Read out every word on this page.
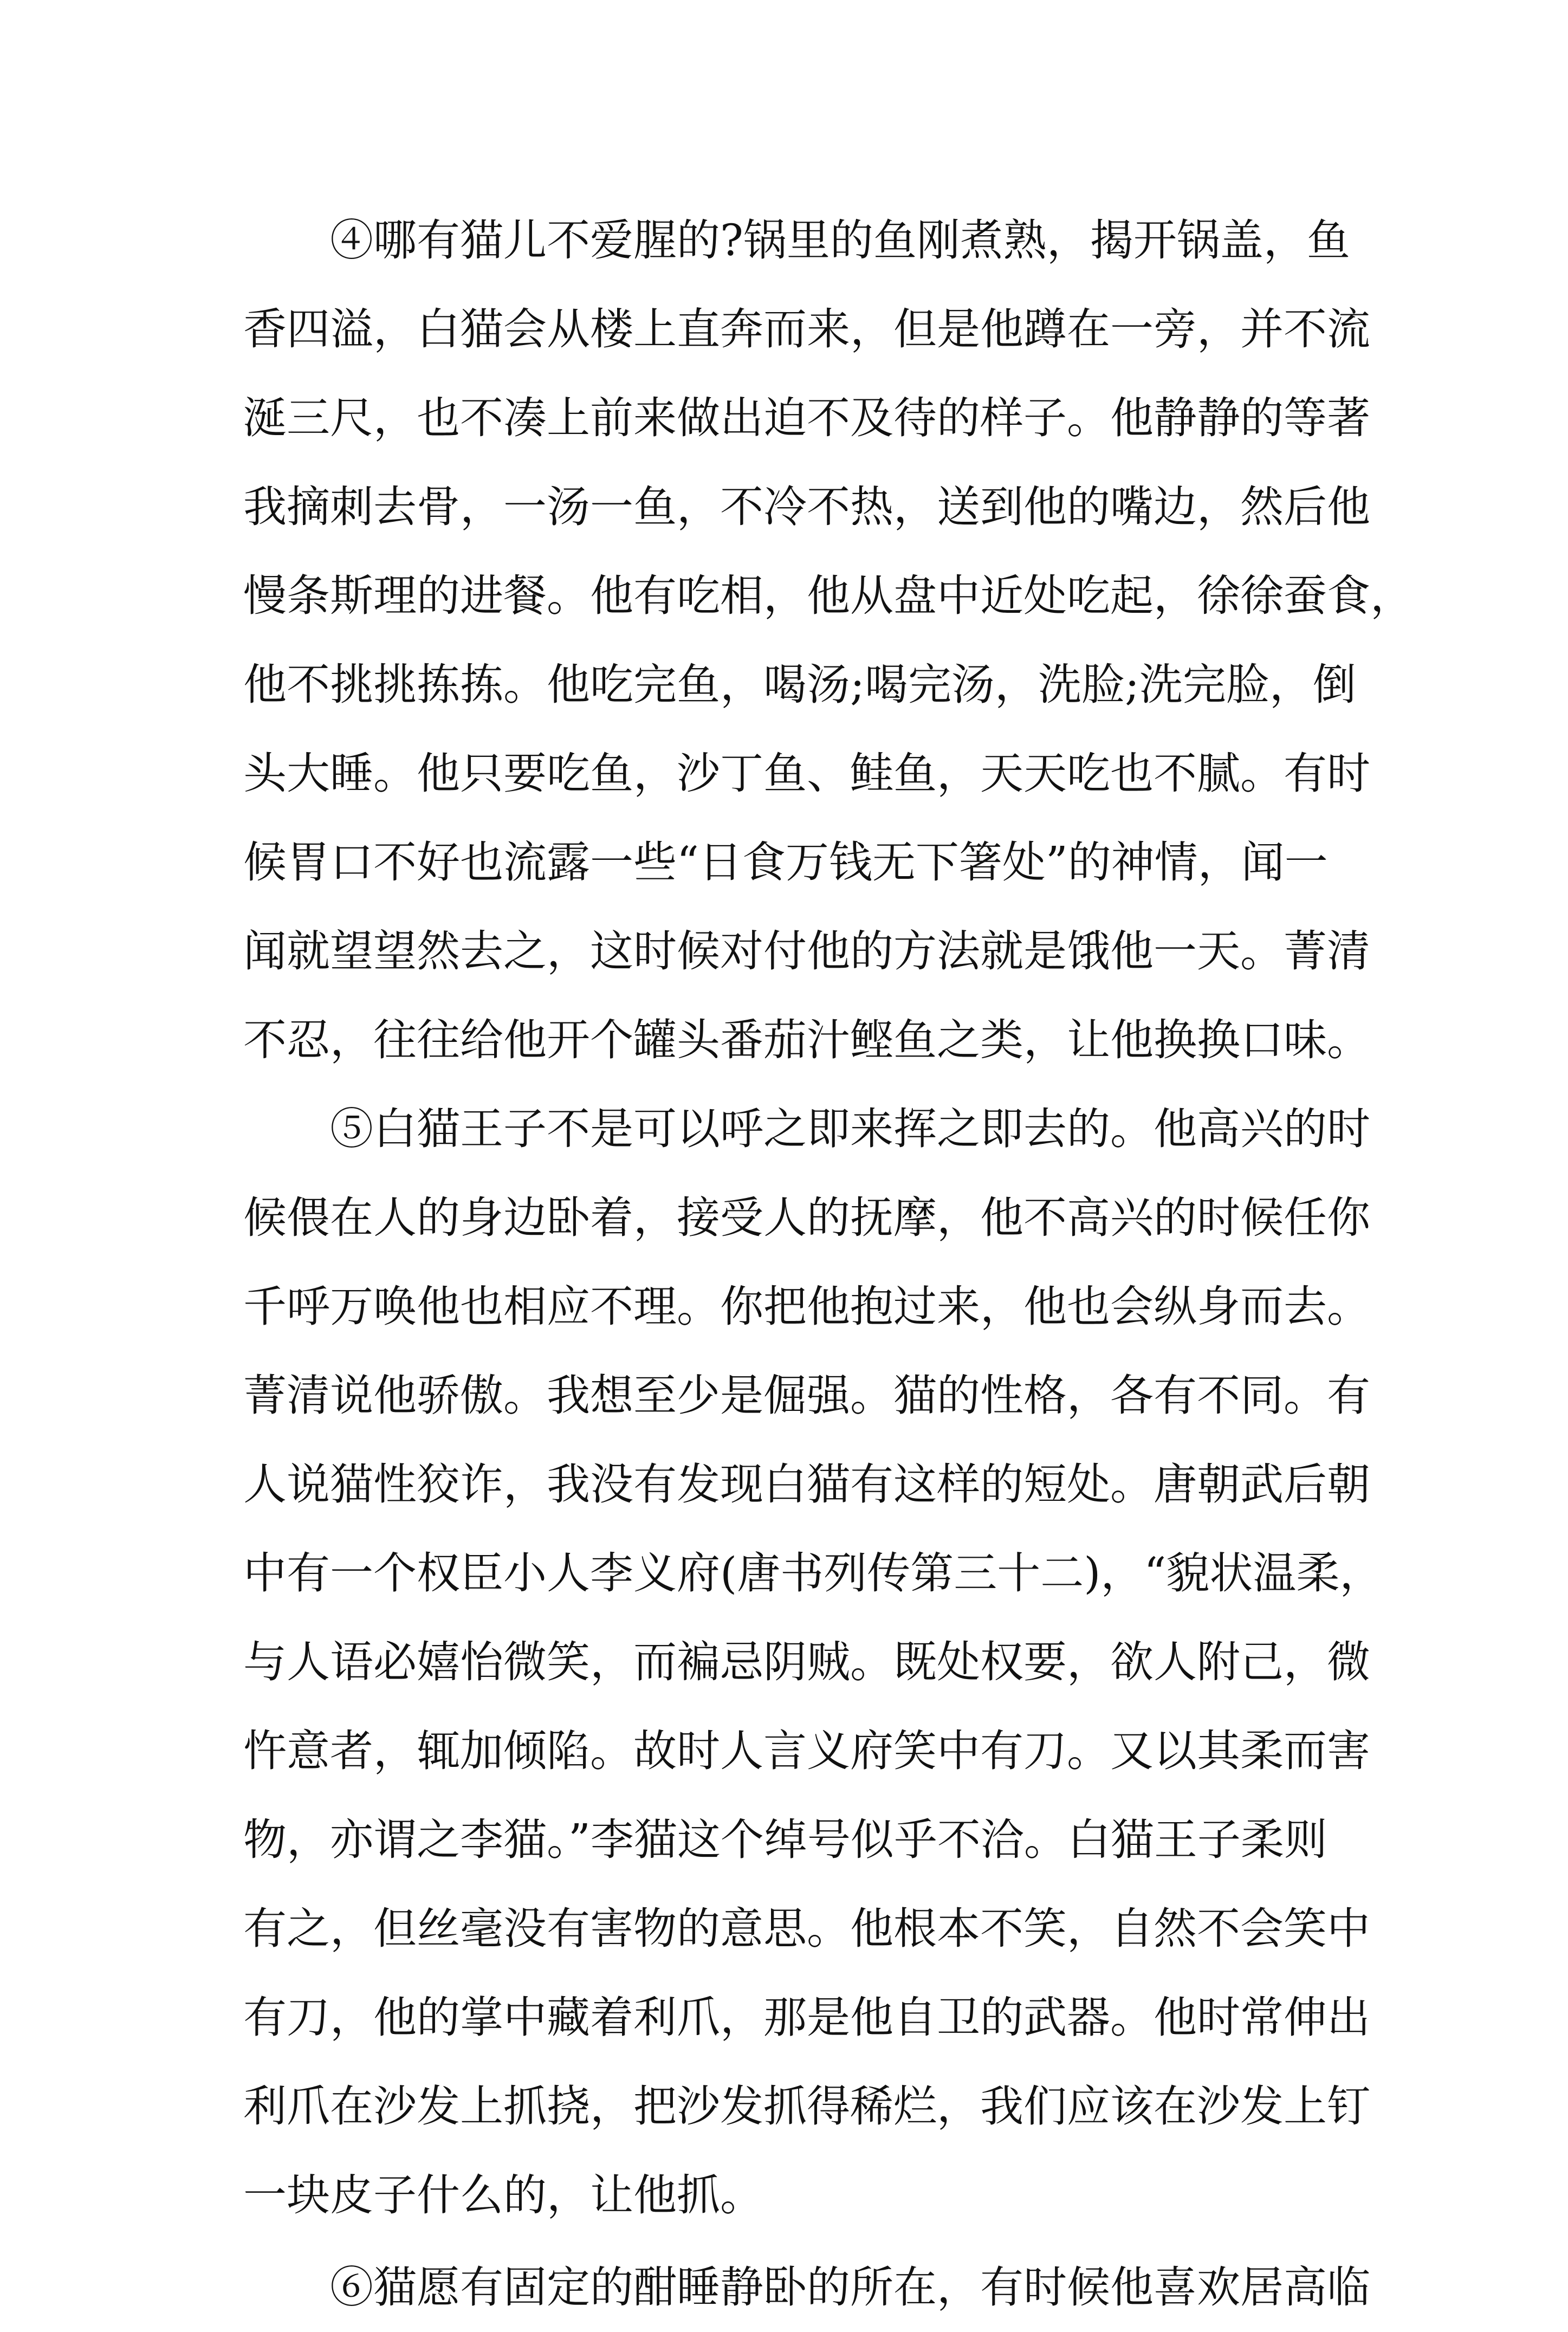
④哪有猫儿不爱腥的?锅里的鱼刚煮熟，揭开锅盖，鱼
香四溢，白猫会从楼上直奔而来，但是他蹲在一旁，并不流
涎三尺，也不凑上前来做出迫不及待的样子。他静静的等著
我摘刺去骨，一汤一鱼，不冷不热，送到他的嘴边，然后他
慢条斯理的进餐。他有吃相，他从盘中近处吃起，徐徐蚕食，
他不挑挑拣拣。他吃完鱼，喝汤;喝完汤，洗脸;洗完脸，倒
头大睡。他只要吃鱼，沙丁鱼、鲑鱼，天天吃也不腻。有时
候胃口不好也流露一些“日食万钱无下箸处”的神情，闻一
闻就望望然去之，这时候对付他的方法就是饿他一天。菁清
不忍，往往给他开个罐头番茄汁鲣鱼之类，让他换换口味。
⑤白猫王子不是可以呼之即来挥之即去的。他高兴的时
候偎在人的身边卧着，接受人的抚摩，他不高兴的时候任你
千呼万唤他也相应不理。你把他抱过来，他也会纵身而去。
菁清说他骄傲。我想至少是倔强。猫的性格，各有不同。有
人说猫性狡诈，我没有发现白猫有这样的短处。唐朝武后朝
中有一个权臣小人李义府(唐书列传第三十二)，“貌状温柔，
与人语必嬉怡微笑，而褊忌阴贼。既处权要，欲人附己，微
忤意者，辄加倾陷。故时人言义府笑中有刀。又以其柔而害
物，亦谓之李猫。”李猫这个绰号似乎不洽。白猫王子柔则
有之，但丝毫没有害物的意思。他根本不笑，自然不会笑中
有刀，他的掌中藏着利爪，那是他自卫的武器。他时常伸出
利爪在沙发上抓挠，把沙发抓得稀烂，我们应该在沙发上钉
一块皮子什么的，让他抓。
⑥猫愿有固定的酣睡静卧的所在，有时候他喜欢居高临
